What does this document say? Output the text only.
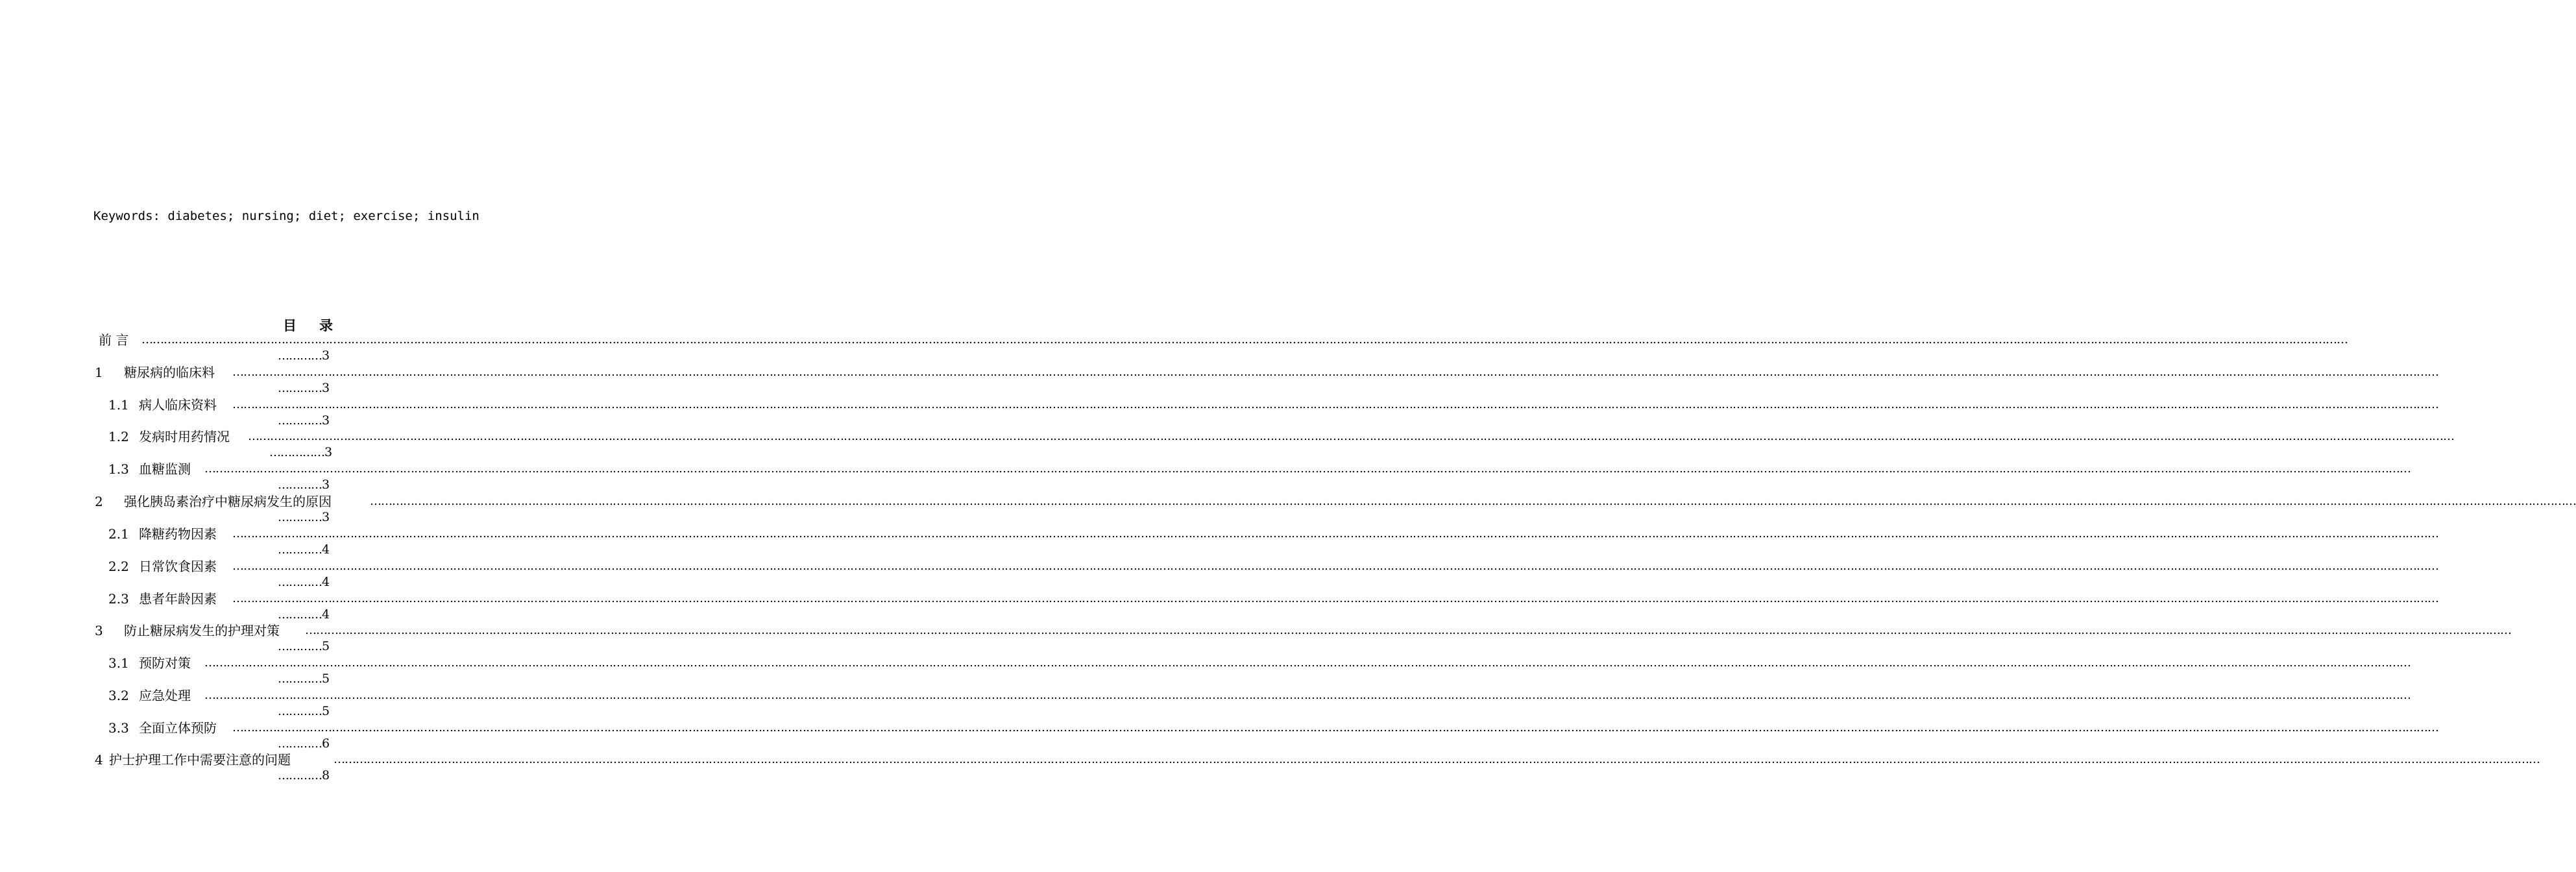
Keywords: diabetes; nursing; diet; exercise; insulin
目 录
前 言 ……………………………………………………………………………………………………………………………………………………………………………………………………………………………………………………………………………………………………………………………………………………………………………………………………………………………………………………………………………………………………………………………………………………
…………3
1 糖尿病的临床料 ……………………………………………………………………………………………………………………………………………………………………………………………………………………………………………………………………………………………………………………………………………………………………………………………………………………………………………………………………………………………………………………………………………………
…………3
1.1 病人临床资料 ……………………………………………………………………………………………………………………………………………………………………………………………………………………………………………………………………………………………………………………………………………………………………………………………………………………………………………………………………………………………………………………………………………………
…………3
1.2 发病时用药情况 ……………………………………………………………………………………………………………………………………………………………………………………………………………………………………………………………………………………………………………………………………………………………………………………………………………………………………………………………………………………………………………………………………………………
……………3
1.3 血糖监测 ……………………………………………………………………………………………………………………………………………………………………………………………………………………………………………………………………………………………………………………………………………………………………………………………………………………………………………………………………………………………………………………………………………………
…………3
2 强化胰岛素治疗中糖尿病发生的原因	……………………………………………………………………………………………………………………………………………………………………………………………………………………………………………………………………………………………………………………………………………………………………………………………………………………………………………………………………………………………………………………………………………………
…………3
2.1 降糖药物因素 ……………………………………………………………………………………………………………………………………………………………………………………………………………………………………………………………………………………………………………………………………………………………………………………………………………………………………………………………………………………………………………………………………………………
…………4
2.2 日常饮食因素 ……………………………………………………………………………………………………………………………………………………………………………………………………………………………………………………………………………………………………………………………………………………………………………………………………………………………………………………………………………………………………………………………………………………
…………4
2.3 患者年龄因素 ……………………………………………………………………………………………………………………………………………………………………………………………………………………………………………………………………………………………………………………………………………………………………………………………………………………………………………………………………………………………………………………………………………………
…………4
3 防止糖尿病发生的护理对策 ……………………………………………………………………………………………………………………………………………………………………………………………………………………………………………………………………………………………………………………………………………………………………………………………………………………………………………………………………………………………………………………………………………………
…………5
3.1 预防对策 ……………………………………………………………………………………………………………………………………………………………………………………………………………………………………………………………………………………………………………………………………………………………………………………………………………………………………………………………………………………………………………………………………………………
…………5
3.2 应急处理 ……………………………………………………………………………………………………………………………………………………………………………………………………………………………………………………………………………………………………………………………………………………………………………………………………………………………………………………………………………………………………………………………………………………
…………5
3.3 全面立体预防 ……………………………………………………………………………………………………………………………………………………………………………………………………………………………………………………………………………………………………………………………………………………………………………………………………………………………………………………………………………………………………………………………………………………
…………6
4 护士护理工作中需要注意的问题	……………………………………………………………………………………………………………………………………………………………………………………………………………………………………………………………………………………………………………………………………………………………………………………………………………………………………………………………………………………………………………………………………………………
…………8
